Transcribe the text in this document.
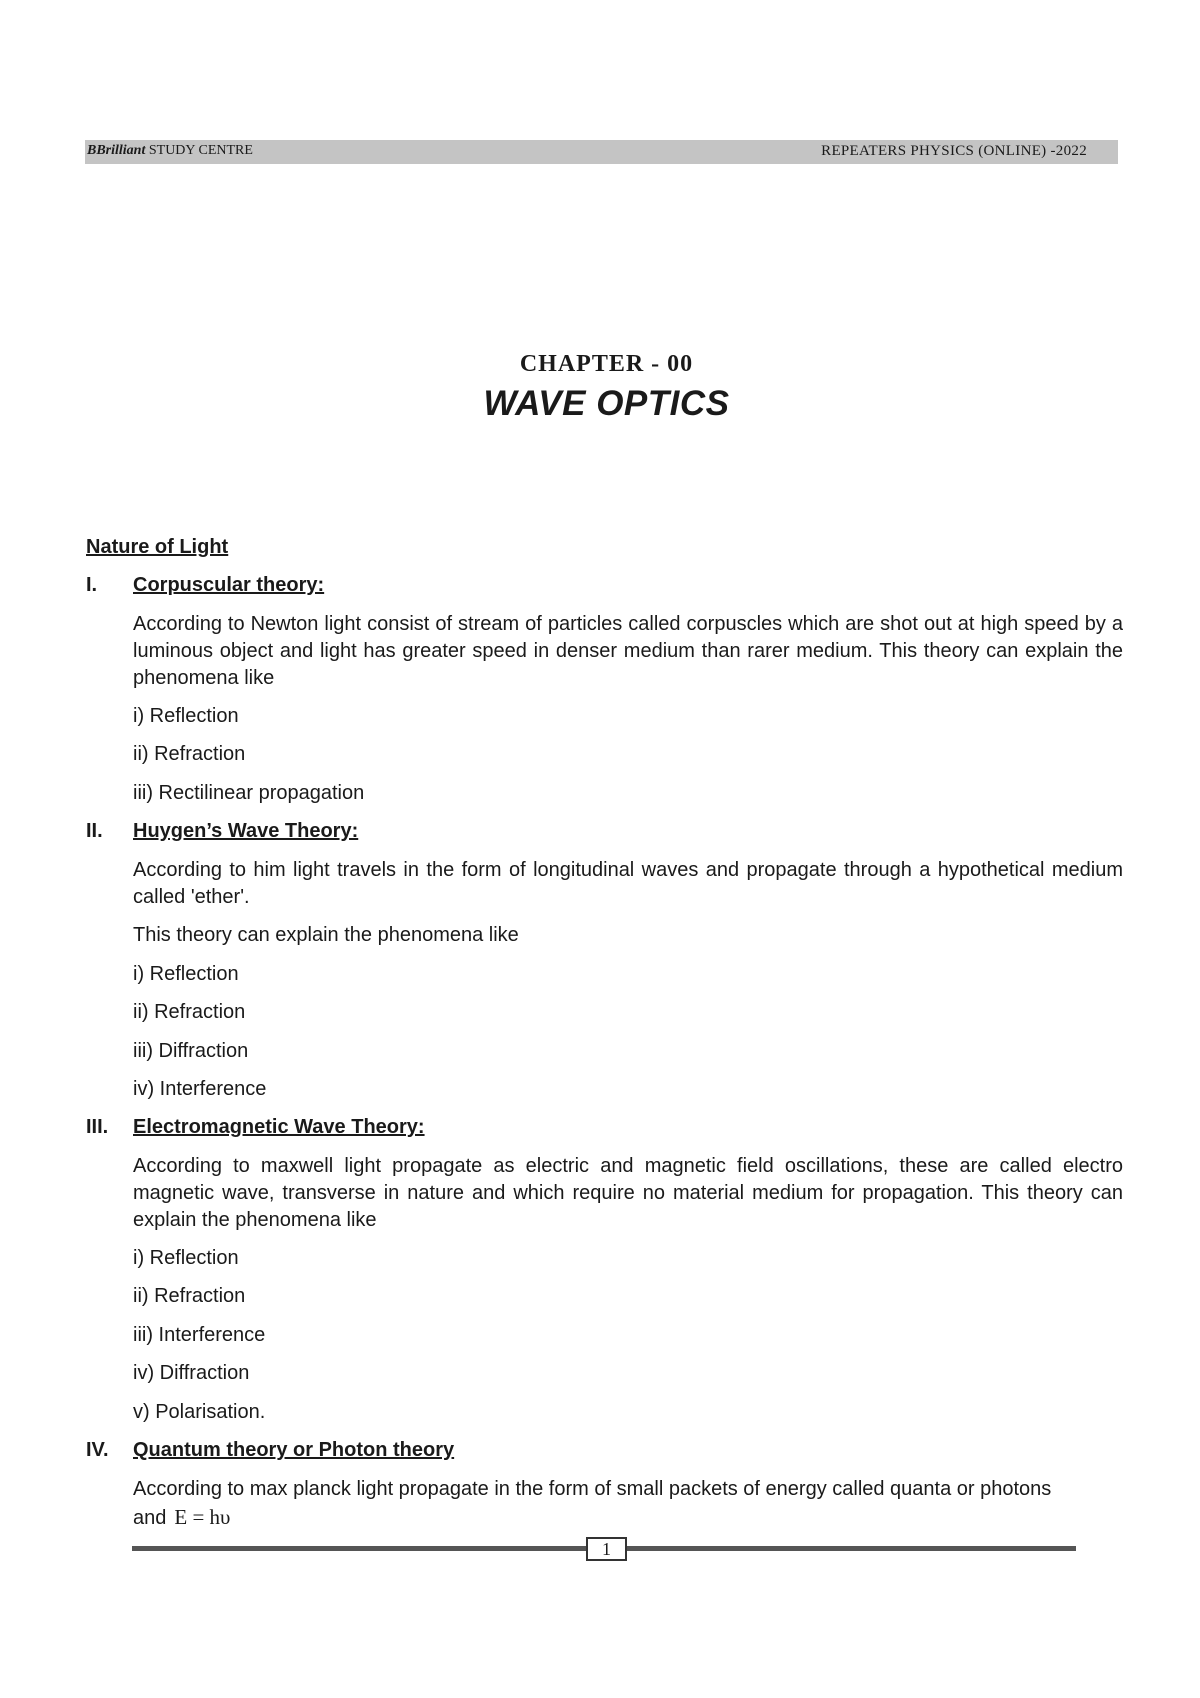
BBrilliant STUDY CENTRE	REPEATERS PHYSICS (ONLINE) -2022
CHAPTER - 00
WAVE OPTICS
Nature of Light
I. Corpuscular theory:
According to Newton light consist of stream of particles called corpuscles which are shot out at high speed by a luminous object and light has greater speed in denser medium than rarer medium. This theory can explain the phenomena like
i) Reflection
ii) Refraction
iii) Rectilinear propagation
II. Huygen’s Wave Theory:
According to him light travels in the form of longitudinal waves and propagate through a hypothetical medium called 'ether'.
This theory can explain the phenomena like
i) Reflection
ii) Refraction
iii) Diffraction
iv) Interference
III. Electromagnetic Wave Theory:
According to maxwell light propagate as electric and magnetic field oscillations, these are called electro magnetic wave, transverse in nature and which require no material medium for propagation. This theory can explain the phenomena like
i) Reflection
ii) Refraction
iii) Interference
iv) Diffraction
v) Polarisation.
IV. Quantum theory or Photon theory
According to max planck light propagate in the form of small packets of energy called quanta or photons
and E = hυ
1
